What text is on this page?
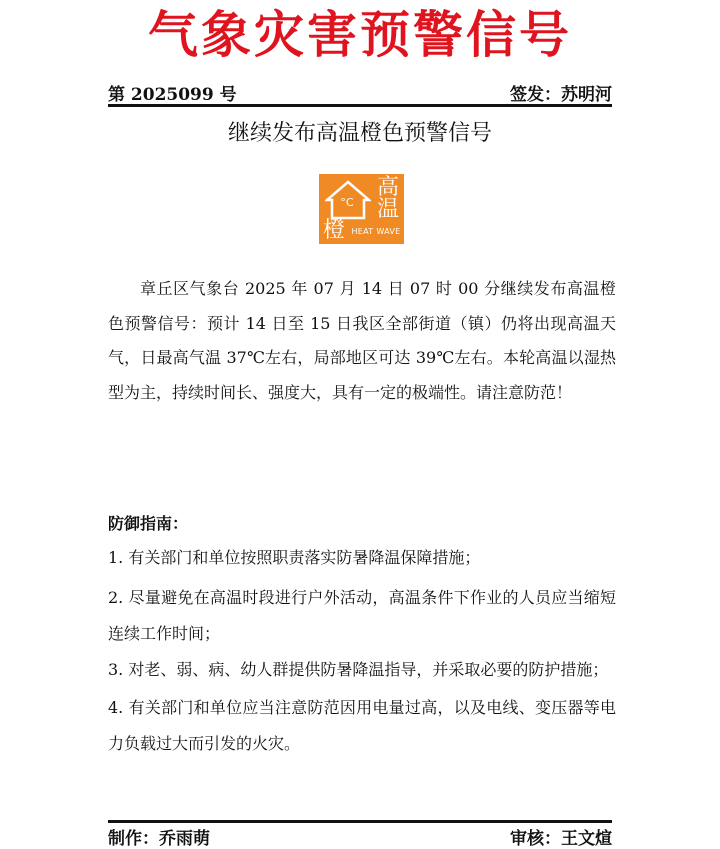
气象灾害预警信号
第 2025099 号	签发：苏明河
继续发布高温橙色预警信号
°C
高
温
橙 HEAT WAVE
章丘区气象台 2025 年 07 月 14 日 07 时 00 分继续发布高温橙色预警信号：预计 14 日至 15 日我区全部街道（镇）仍将出现高温天气，日最高气温 37℃左右，局部地区可达 39℃左右。本轮高温以湿热型为主，持续时间长、强度大，具有一定的极端性。请注意防范！
防御指南：
1. 有关部门和单位按照职责落实防暑降温保障措施；
2. 尽量避免在高温时段进行户外活动，高温条件下作业的人员应当缩短连续工作时间；
3. 对老、弱、病、幼人群提供防暑降温指导，并采取必要的防护措施；
4. 有关部门和单位应当注意防范因用电量过高，以及电线、变压器等电力负载过大而引发的火灾。
制作：乔雨萌	审核：王文煊
